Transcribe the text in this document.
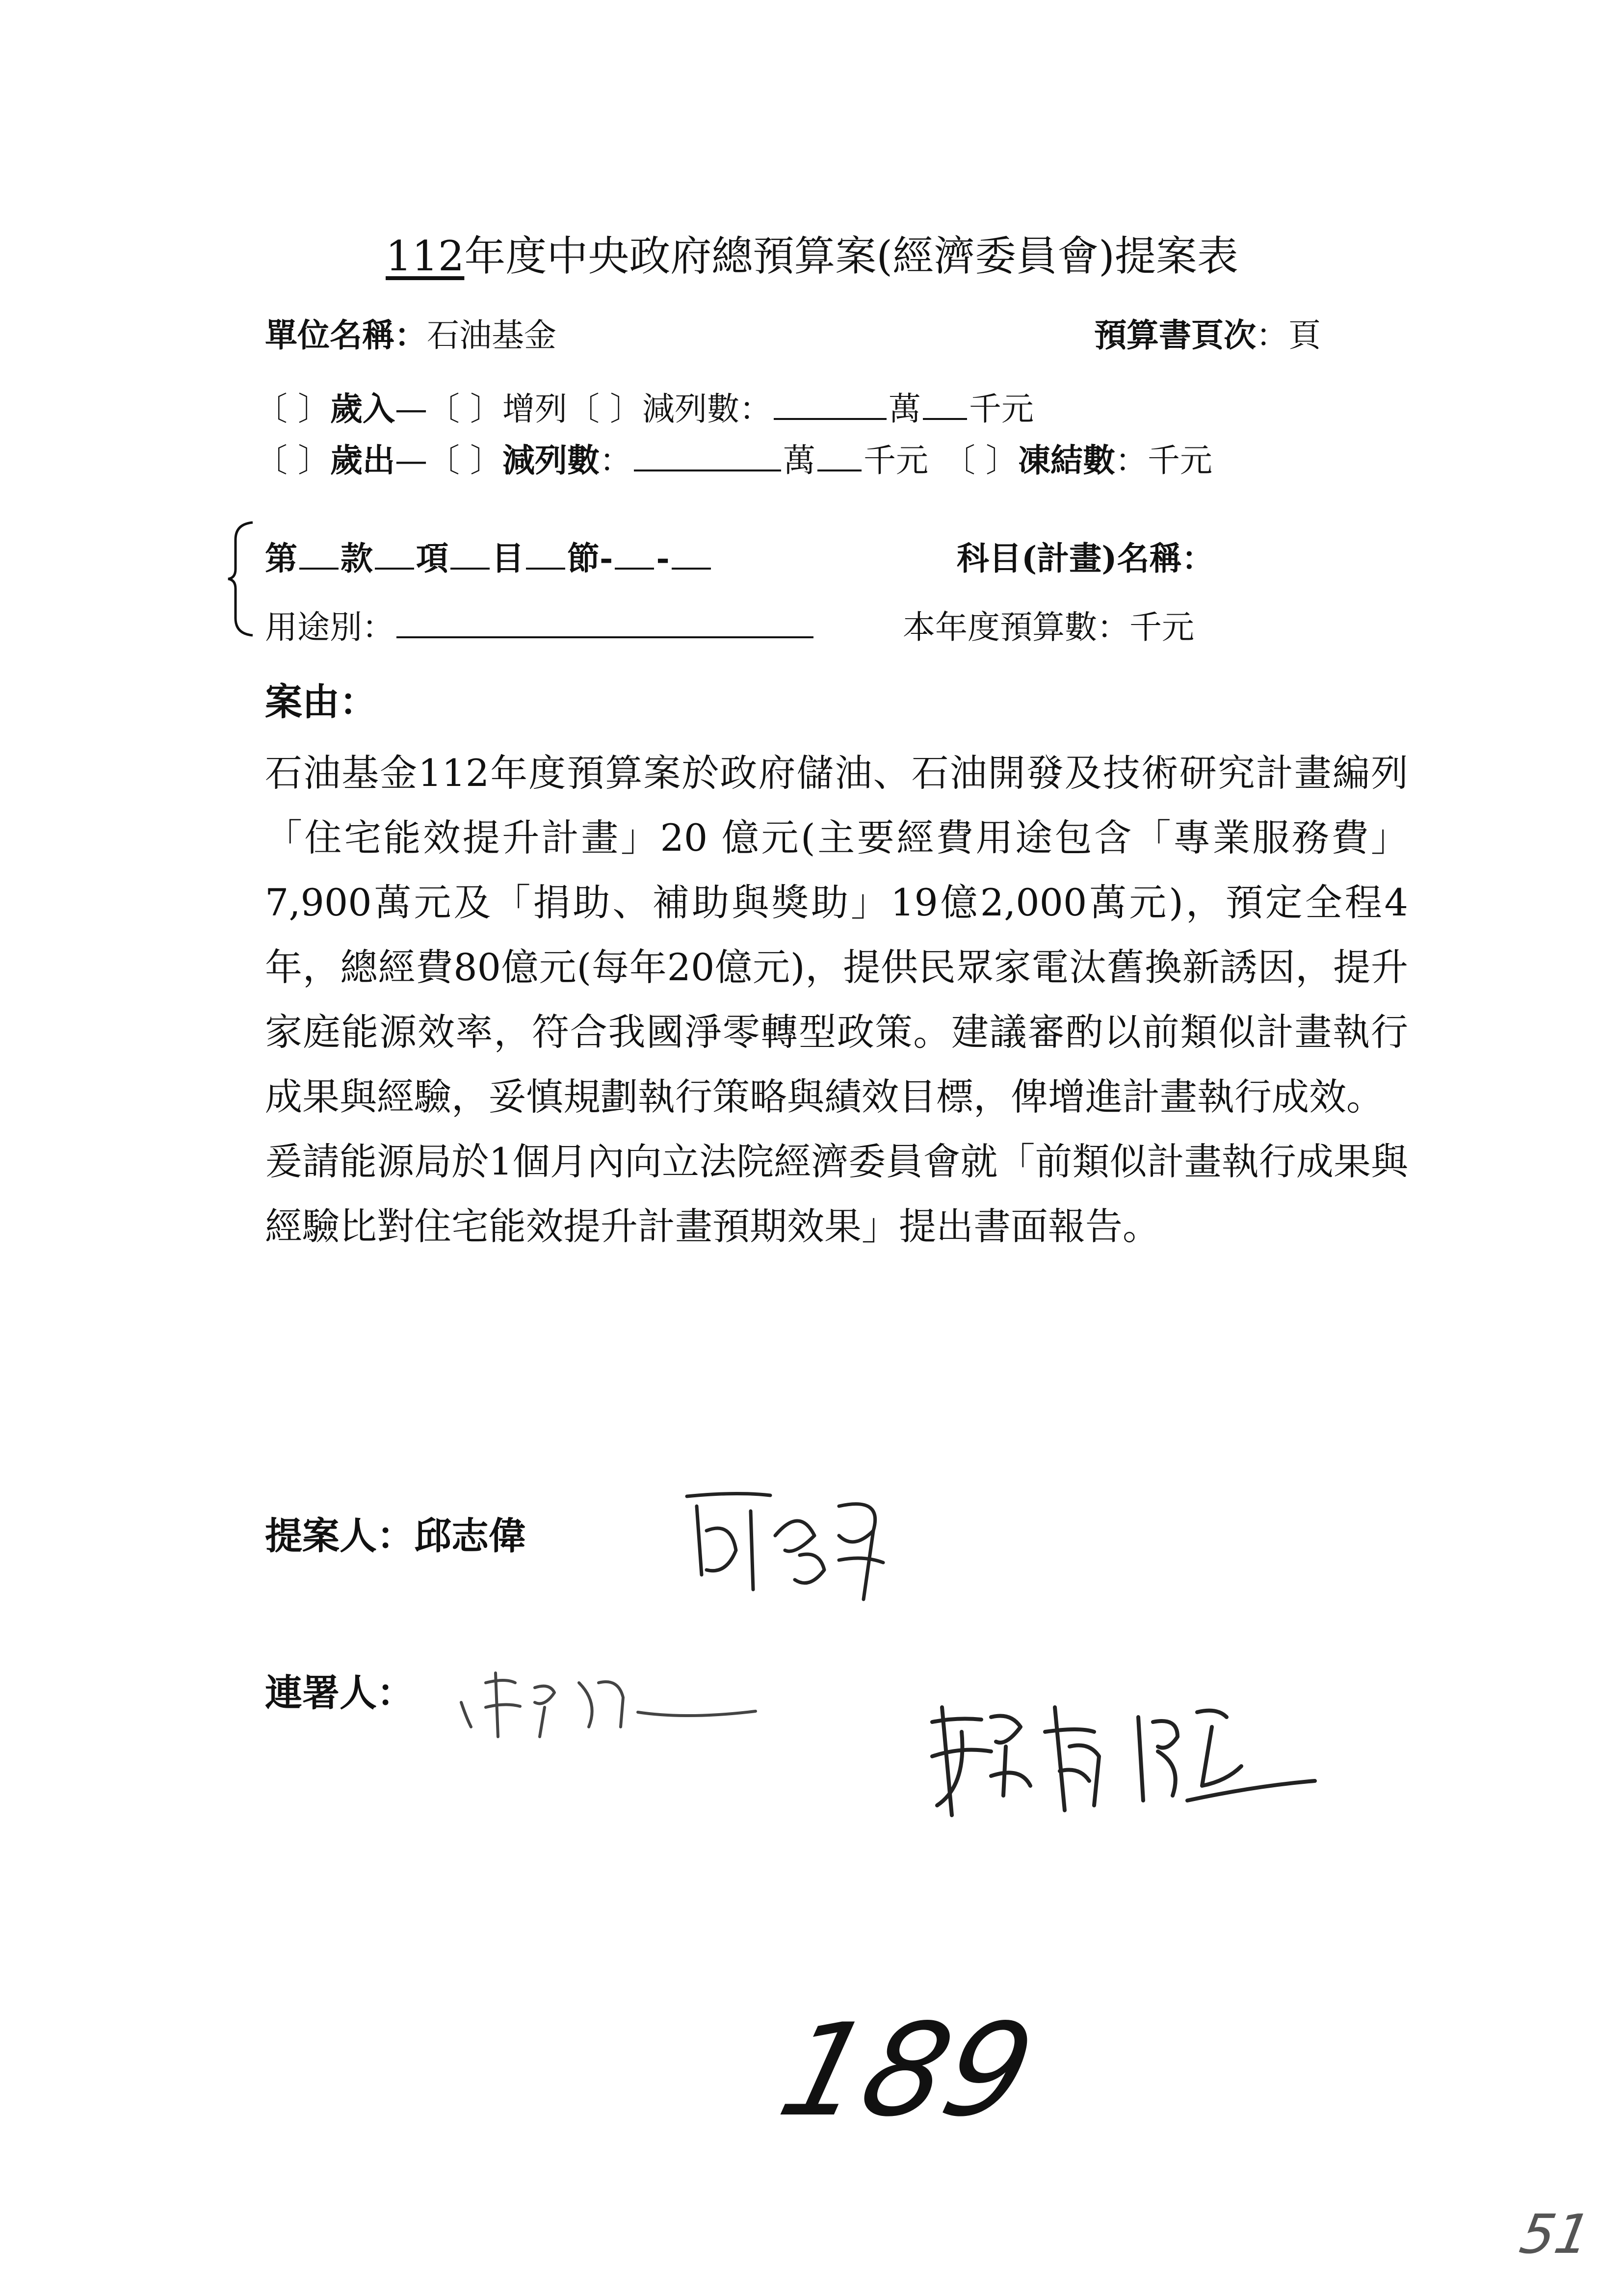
112年度中央政府總預算案(經濟委員會)提案表
單位名稱：石油基金	預算書頁次：頁
〔 〕歲入—〔 〕增列〔 〕減列數：	萬 千元
〔 〕歲出—〔 〕減列數：	萬 千元 〔 〕凍結數：千元
第 款 項 目 節- -	科目(計畫)名稱：
用途別：	本年度預算數：千元
案由：

石油基金112年度預算案於政府儲油、石油開發及技術研究計畫編列「住宅能效提升計畫」20 億元(主要經費用途包含「專業服務費」7,900萬元及「捐助、補助與獎助」19億2,000萬元)，預定全程4年，總經費80億元(每年20億元)，提供民眾家電汰舊換新誘因，提升家庭能源效率，符合我國淨零轉型政策。建議審酌以前類似計畫執行成果與經驗，妥慎規劃執行策略與績效目標，俾增進計畫執行成效。

爰請能源局於1個月內向立法院經濟委員會就「前類似計畫執行成果與經驗比對住宅能效提升計畫預期效果」提出書面報告。

提案人：邱志偉
連署人：
189
51
